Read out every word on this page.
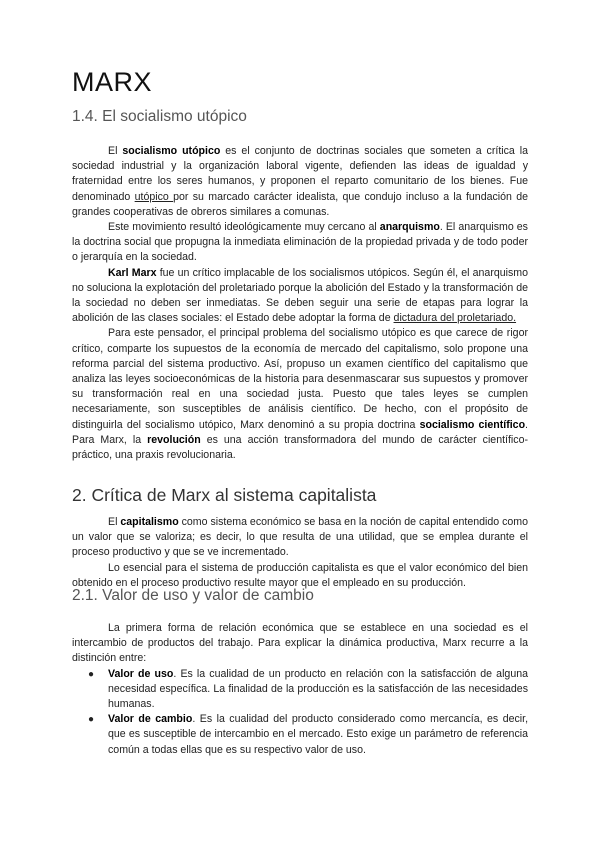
MARX
1.4. El socialismo utópico

El socialismo utópico es el conjunto de doctrinas sociales que someten a crítica la sociedad industrial y la organización laboral vigente, defienden las ideas de igualdad y fraternidad entre los seres humanos, y proponen el reparto comunitario de los bienes. Fue denominado utópico por su marcado carácter idealista, que condujo incluso a la fundación de grandes cooperativas de obreros similares a comunas.

Este movimiento resultó ideológicamente muy cercano al anarquismo. El anarquismo es la doctrina social que propugna la inmediata eliminación de la propiedad privada y de todo poder o jerarquía en la sociedad.

Karl Marx fue un crítico implacable de los socialismos utópicos. Según él, el anarquismo no soluciona la explotación del proletariado porque la abolición del Estado y la transformación de la sociedad no deben ser inmediatas. Se deben seguir una serie de etapas para lograr la abolición de las clases sociales: el Estado debe adoptar la forma de dictadura del proletariado.

Para este pensador, el principal problema del socialismo utópico es que carece de rigor crítico, comparte los supuestos de la economía de mercado del capitalismo, solo propone una reforma parcial del sistema productivo. Así, propuso un examen científico del capitalismo que analiza las leyes socioeconómicas de la historia para desenmascarar sus supuestos y promover su transformación real en una sociedad justa. Puesto que tales leyes se cumplen necesariamente, son susceptibles de análisis científico. De hecho, con el propósito de distinguirla del socialismo utópico, Marx denominó a su propia doctrina socialismo científico. Para Marx, la revolución es una acción transformadora del mundo de carácter científico-práctico, una praxis revolucionaria.

2. Crítica de Marx al sistema capitalista

El capitalismo como sistema económico se basa en la noción de capital entendido como un valor que se valoriza; es decir, lo que resulta de una utilidad, que se emplea durante el proceso productivo y que se ve incrementado.

Lo esencial para el sistema de producción capitalista es que el valor económico del bien obtenido en el proceso productivo resulte mayor que el empleado en su producción.

2.1. Valor de uso y valor de cambio

La primera forma de relación económica que se establece en una sociedad es el intercambio de productos del trabajo. Para explicar la dinámica productiva, Marx recurre a la distinción entre:

● Valor de uso. Es la cualidad de un producto en relación con la satisfacción de alguna necesidad específica. La finalidad de la producción es la satisfacción de las necesidades humanas.
● Valor de cambio. Es la cualidad del producto considerado como mercancía, es decir, que es susceptible de intercambio en el mercado. Esto exige un parámetro de referencia común a todas ellas que es su respectivo valor de uso.
